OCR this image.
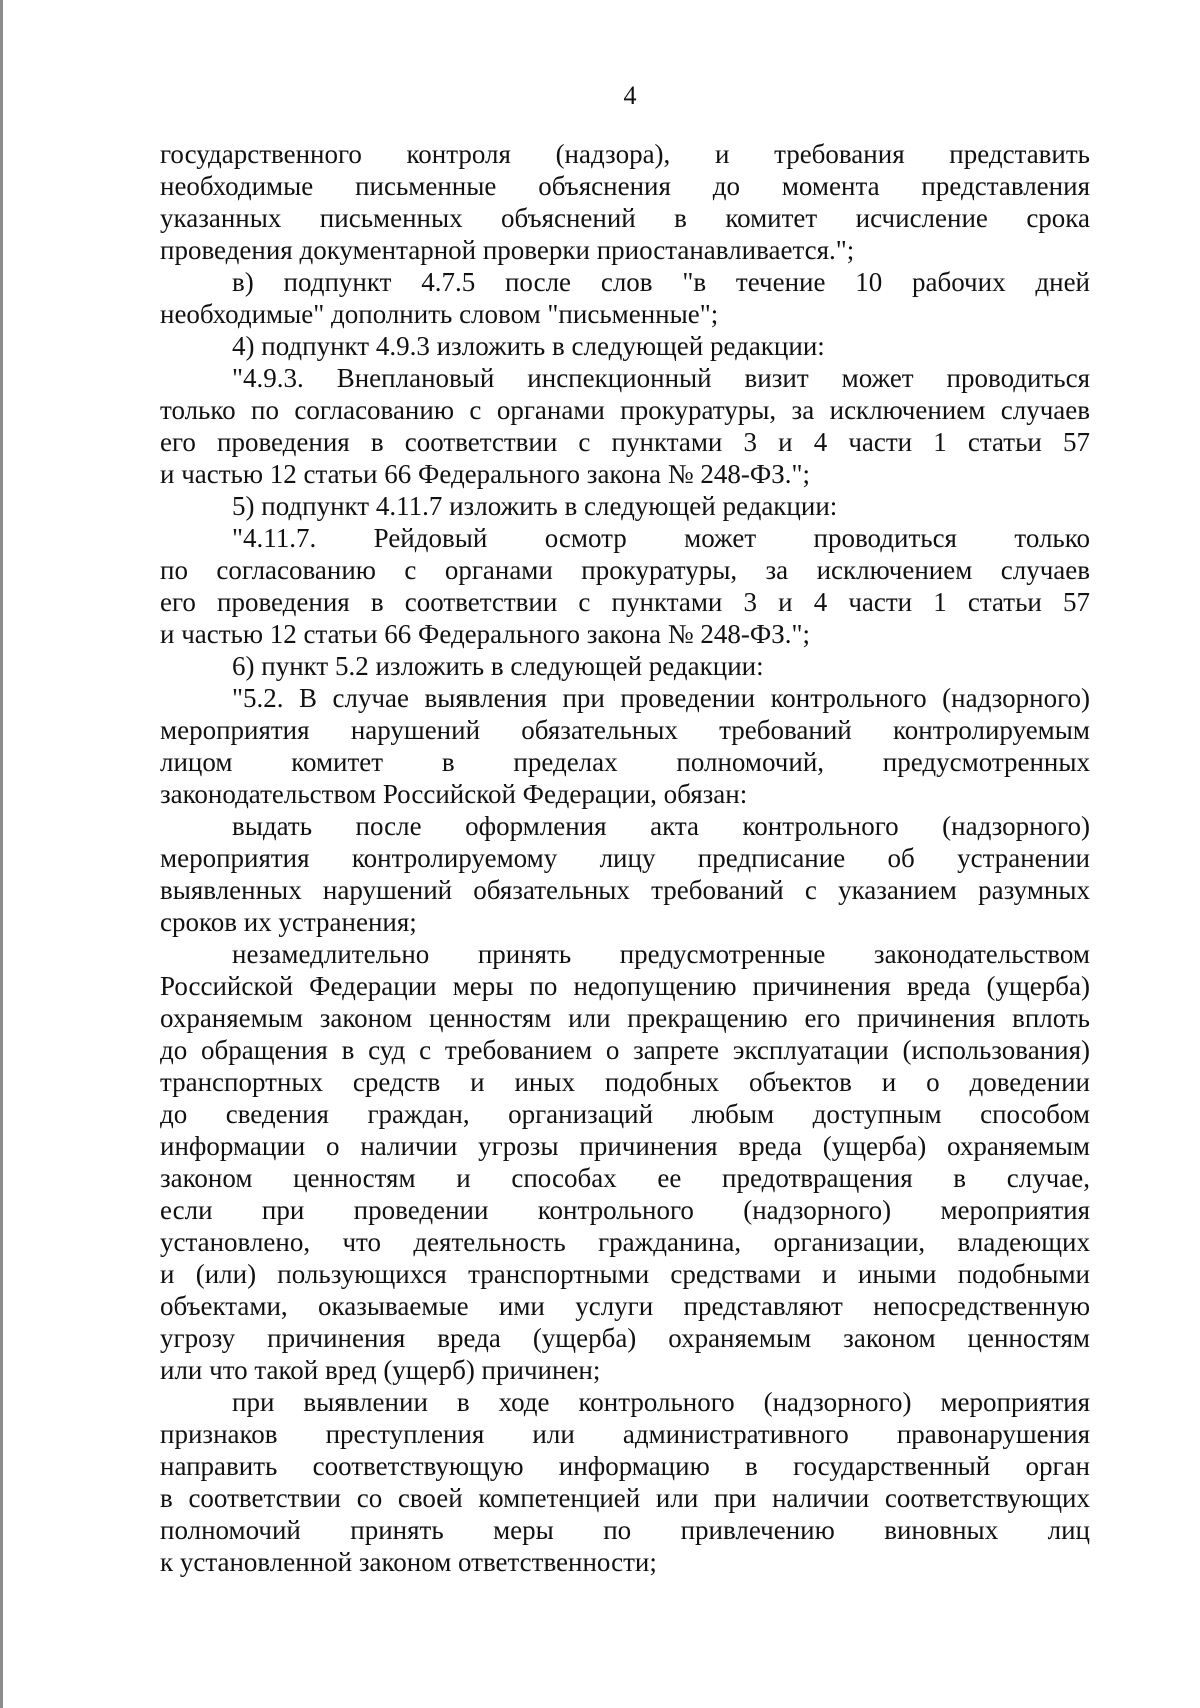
4
государственного контроля (надзора), и требования представить
необходимые письменные объяснения до момента представления
указанных письменных объяснений в комитет исчисление срока
проведения документарной проверки приостанавливается.";
в) подпункт 4.7.5 после слов "в течение 10 рабочих дней
необходимые" дополнить словом "письменные";
4) подпункт 4.9.3 изложить в следующей редакции:
"4.9.3. Внеплановый инспекционный визит может проводиться
только по согласованию с органами прокуратуры, за исключением случаев
его проведения в соответствии с пунктами 3 и 4 части 1 статьи 57
и частью 12 статьи 66 Федерального закона № 248-ФЗ.";
5) подпункт 4.11.7 изложить в следующей редакции:
"4.11.7. Рейдовый осмотр может проводиться только
по согласованию с органами прокуратуры, за исключением случаев
его проведения в соответствии с пунктами 3 и 4 части 1 статьи 57
и частью 12 статьи 66 Федерального закона № 248-ФЗ.";
6) пункт 5.2 изложить в следующей редакции:
"5.2. В случае выявления при проведении контрольного (надзорного)
мероприятия нарушений обязательных требований контролируемым
лицом комитет в пределах полномочий, предусмотренных
законодательством Российской Федерации, обязан:
выдать после оформления акта контрольного (надзорного)
мероприятия контролируемому лицу предписание об устранении
выявленных нарушений обязательных требований с указанием разумных
сроков их устранения;
незамедлительно принять предусмотренные законодательством
Российской Федерации меры по недопущению причинения вреда (ущерба)
охраняемым законом ценностям или прекращению его причинения вплоть
до обращения в суд с требованием о запрете эксплуатации (использования)
транспортных средств и иных подобных объектов и о доведении
до сведения граждан, организаций любым доступным способом
информации о наличии угрозы причинения вреда (ущерба) охраняемым
законом ценностям и способах ее предотвращения в случае,
если при проведении контрольного (надзорного) мероприятия
установлено, что деятельность гражданина, организации, владеющих
и (или) пользующихся транспортными средствами и иными подобными
объектами, оказываемые ими услуги представляют непосредственную
угрозу причинения вреда (ущерба) охраняемым законом ценностям
или что такой вред (ущерб) причинен;
при выявлении в ходе контрольного (надзорного) мероприятия
признаков преступления или административного правонарушения
направить соответствующую информацию в государственный орган
в соответствии со своей компетенцией или при наличии соответствующих
полномочий принять меры по привлечению виновных лиц
к установленной законом ответственности;
